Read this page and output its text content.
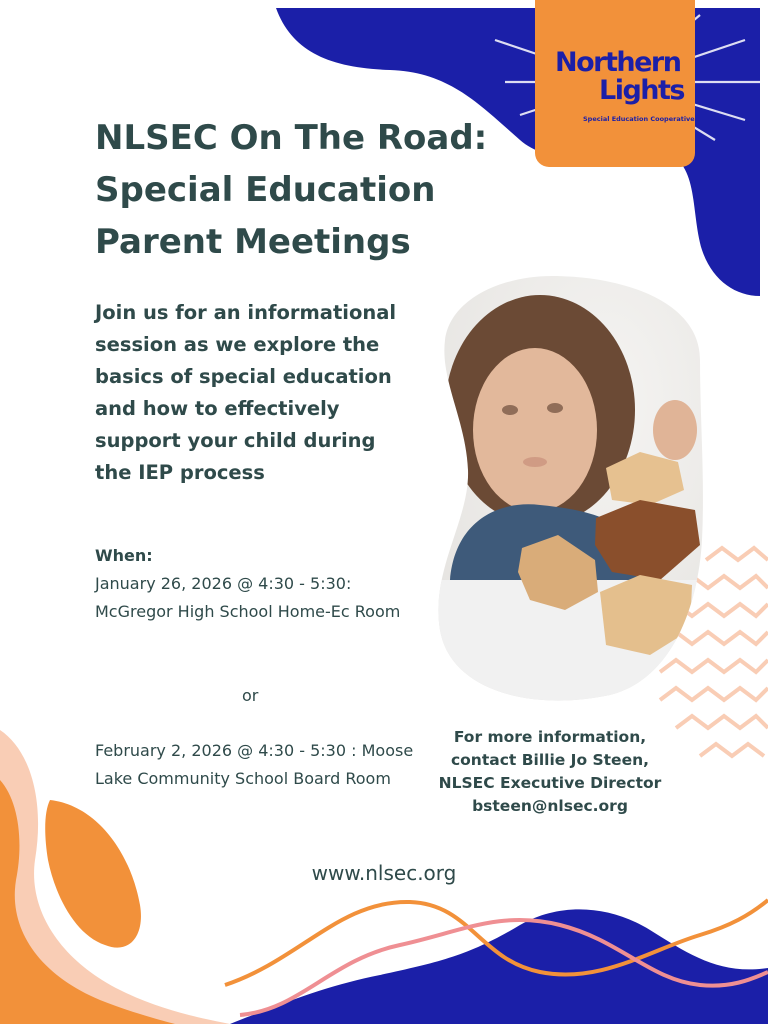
Northern
Lights
Special Education Cooperative
NLSEC On The Road: Special Education Parent Meetings

Join us for an informational session as we explore the basics of special education and how to effectively support your child during the IEP process

When:

January 26, 2026 @ 4:30 - 5:30: McGregor High School Home-Ec Room

or

February 2, 2026 @ 4:30 - 5:30 : Moose Lake Community School Board Room

For more information,
contact Billie Jo Steen,
NLSEC Executive Director
bsteen@nlsec.org

www.nlsec.org
